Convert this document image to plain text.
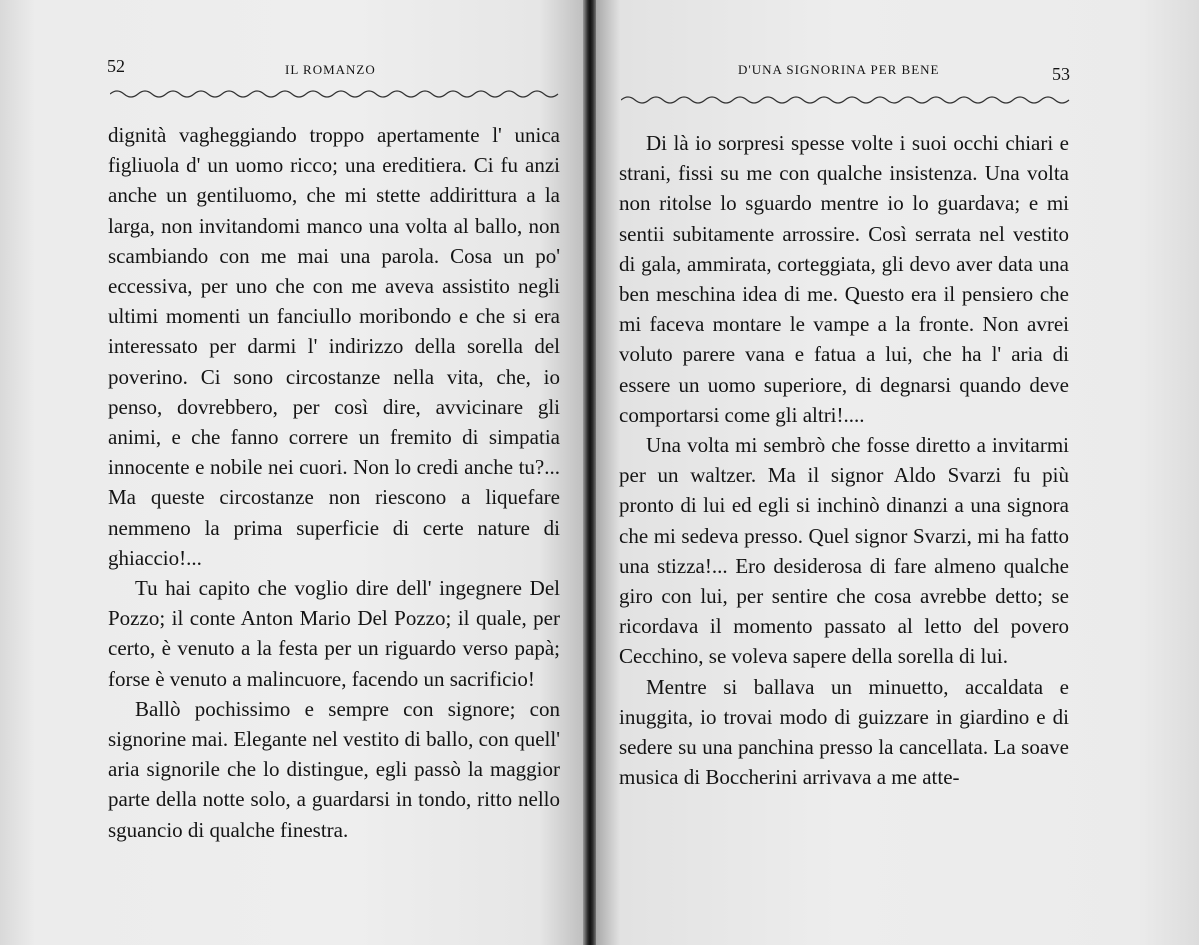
52	IL ROMANZO

dignità vagheggiando troppo apertamente l' unica figliuola d' un uomo ricco; una ereditiera. Ci fu anzi anche un gentiluomo, che mi stette addirittura a la larga, non invitandomi manco una volta al ballo, non scambiando con me mai una parola. Cosa un po' eccessiva, per uno che con me aveva assistito negli ultimi momenti un fanciullo moribondo e che si era interessato per darmi l' indirizzo della sorella del poverino. Ci sono circostanze nella vita, che, io penso, dovrebbero, per così dire, avvicinare gli animi, e che fanno correre un fremito di simpatia innocente e nobile nei cuori. Non lo credi anche tu?... Ma queste circostanze non riescono a liquefare nemmeno la prima superficie di certe nature di ghiaccio!...

Tu hai capito che voglio dire dell' ingegnere Del Pozzo; il conte Anton Mario Del Pozzo; il quale, per certo, è venuto a la festa per un riguardo verso papà; forse è venuto a malincuore, facendo un sacrificio!

Ballò pochissimo e sempre con signore; con signorine mai. Elegante nel vestito di ballo, con quell' aria signorile che lo distingue, egli passò la maggior parte della notte solo, a guardarsi in tondo, ritto nello sguancio di qualche finestra.

D'UNA SIGNORINA PER BENE	53

Di là io sorpresi spesse volte i suoi occhi chiari e strani, fissi su me con qualche insistenza. Una volta non ritolse lo sguardo mentre io lo guardava; e mi sentii subitamente arrossire. Così serrata nel vestito di gala, ammirata, corteggiata, gli devo aver data una ben meschina idea di me. Questo era il pensiero che mi faceva montare le vampe a la fronte. Non avrei voluto parere vana e fatua a lui, che ha l' aria di essere un uomo superiore, di degnarsi quando deve comportarsi come gli altri!....

Una volta mi sembrò che fosse diretto a invitarmi per un waltzer. Ma il signor Aldo Svarzi fu più pronto di lui ed egli si inchinò dinanzi a una signora che mi sedeva presso. Quel signor Svarzi, mi ha fatto una stizza!... Ero desiderosa di fare almeno qualche giro con lui, per sentire che cosa avrebbe detto; se ricordava il momento passato al letto del povero Cecchino, se voleva sapere della sorella di lui.

Mentre si ballava un minuetto, accaldata e inuggita, io trovai modo di guizzare in giardino e di sedere su una panchina presso la cancellata. La soave musica di Boccherini arrivava a me atte-
